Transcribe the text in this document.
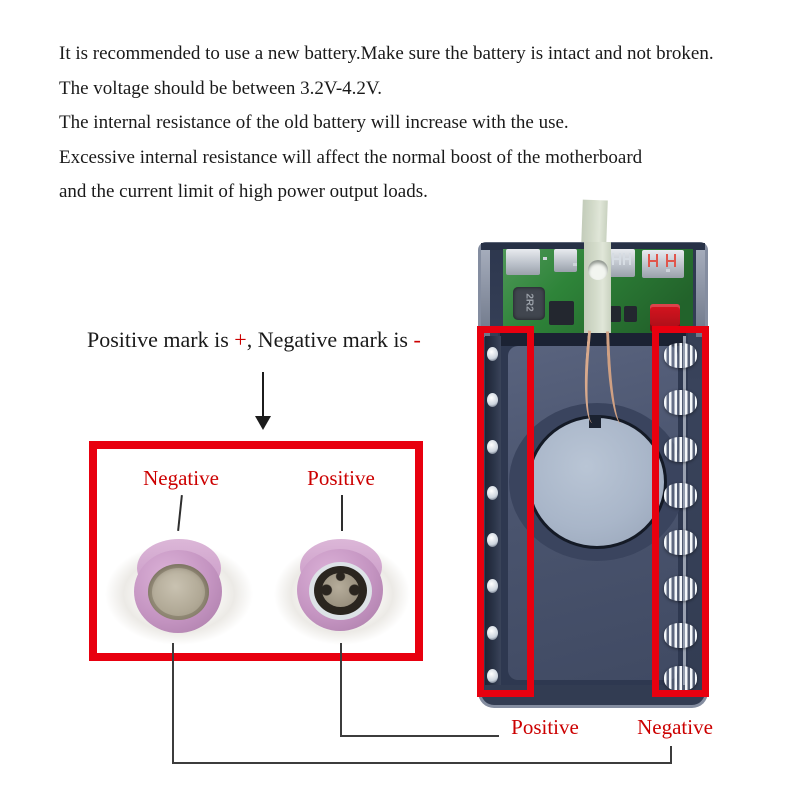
It is recommended to use a new battery.Make sure the battery is intact and not broken.

The voltage should be between 3.2V-4.2V.

The internal resistance of the old battery will increase with the use.

Excessive internal resistance will affect the normal boost of the motherboard

and the current limit of high power output loads.

Positive mark is +, Negative mark is -
Negative	Positive
2R2
Positive	Negative
